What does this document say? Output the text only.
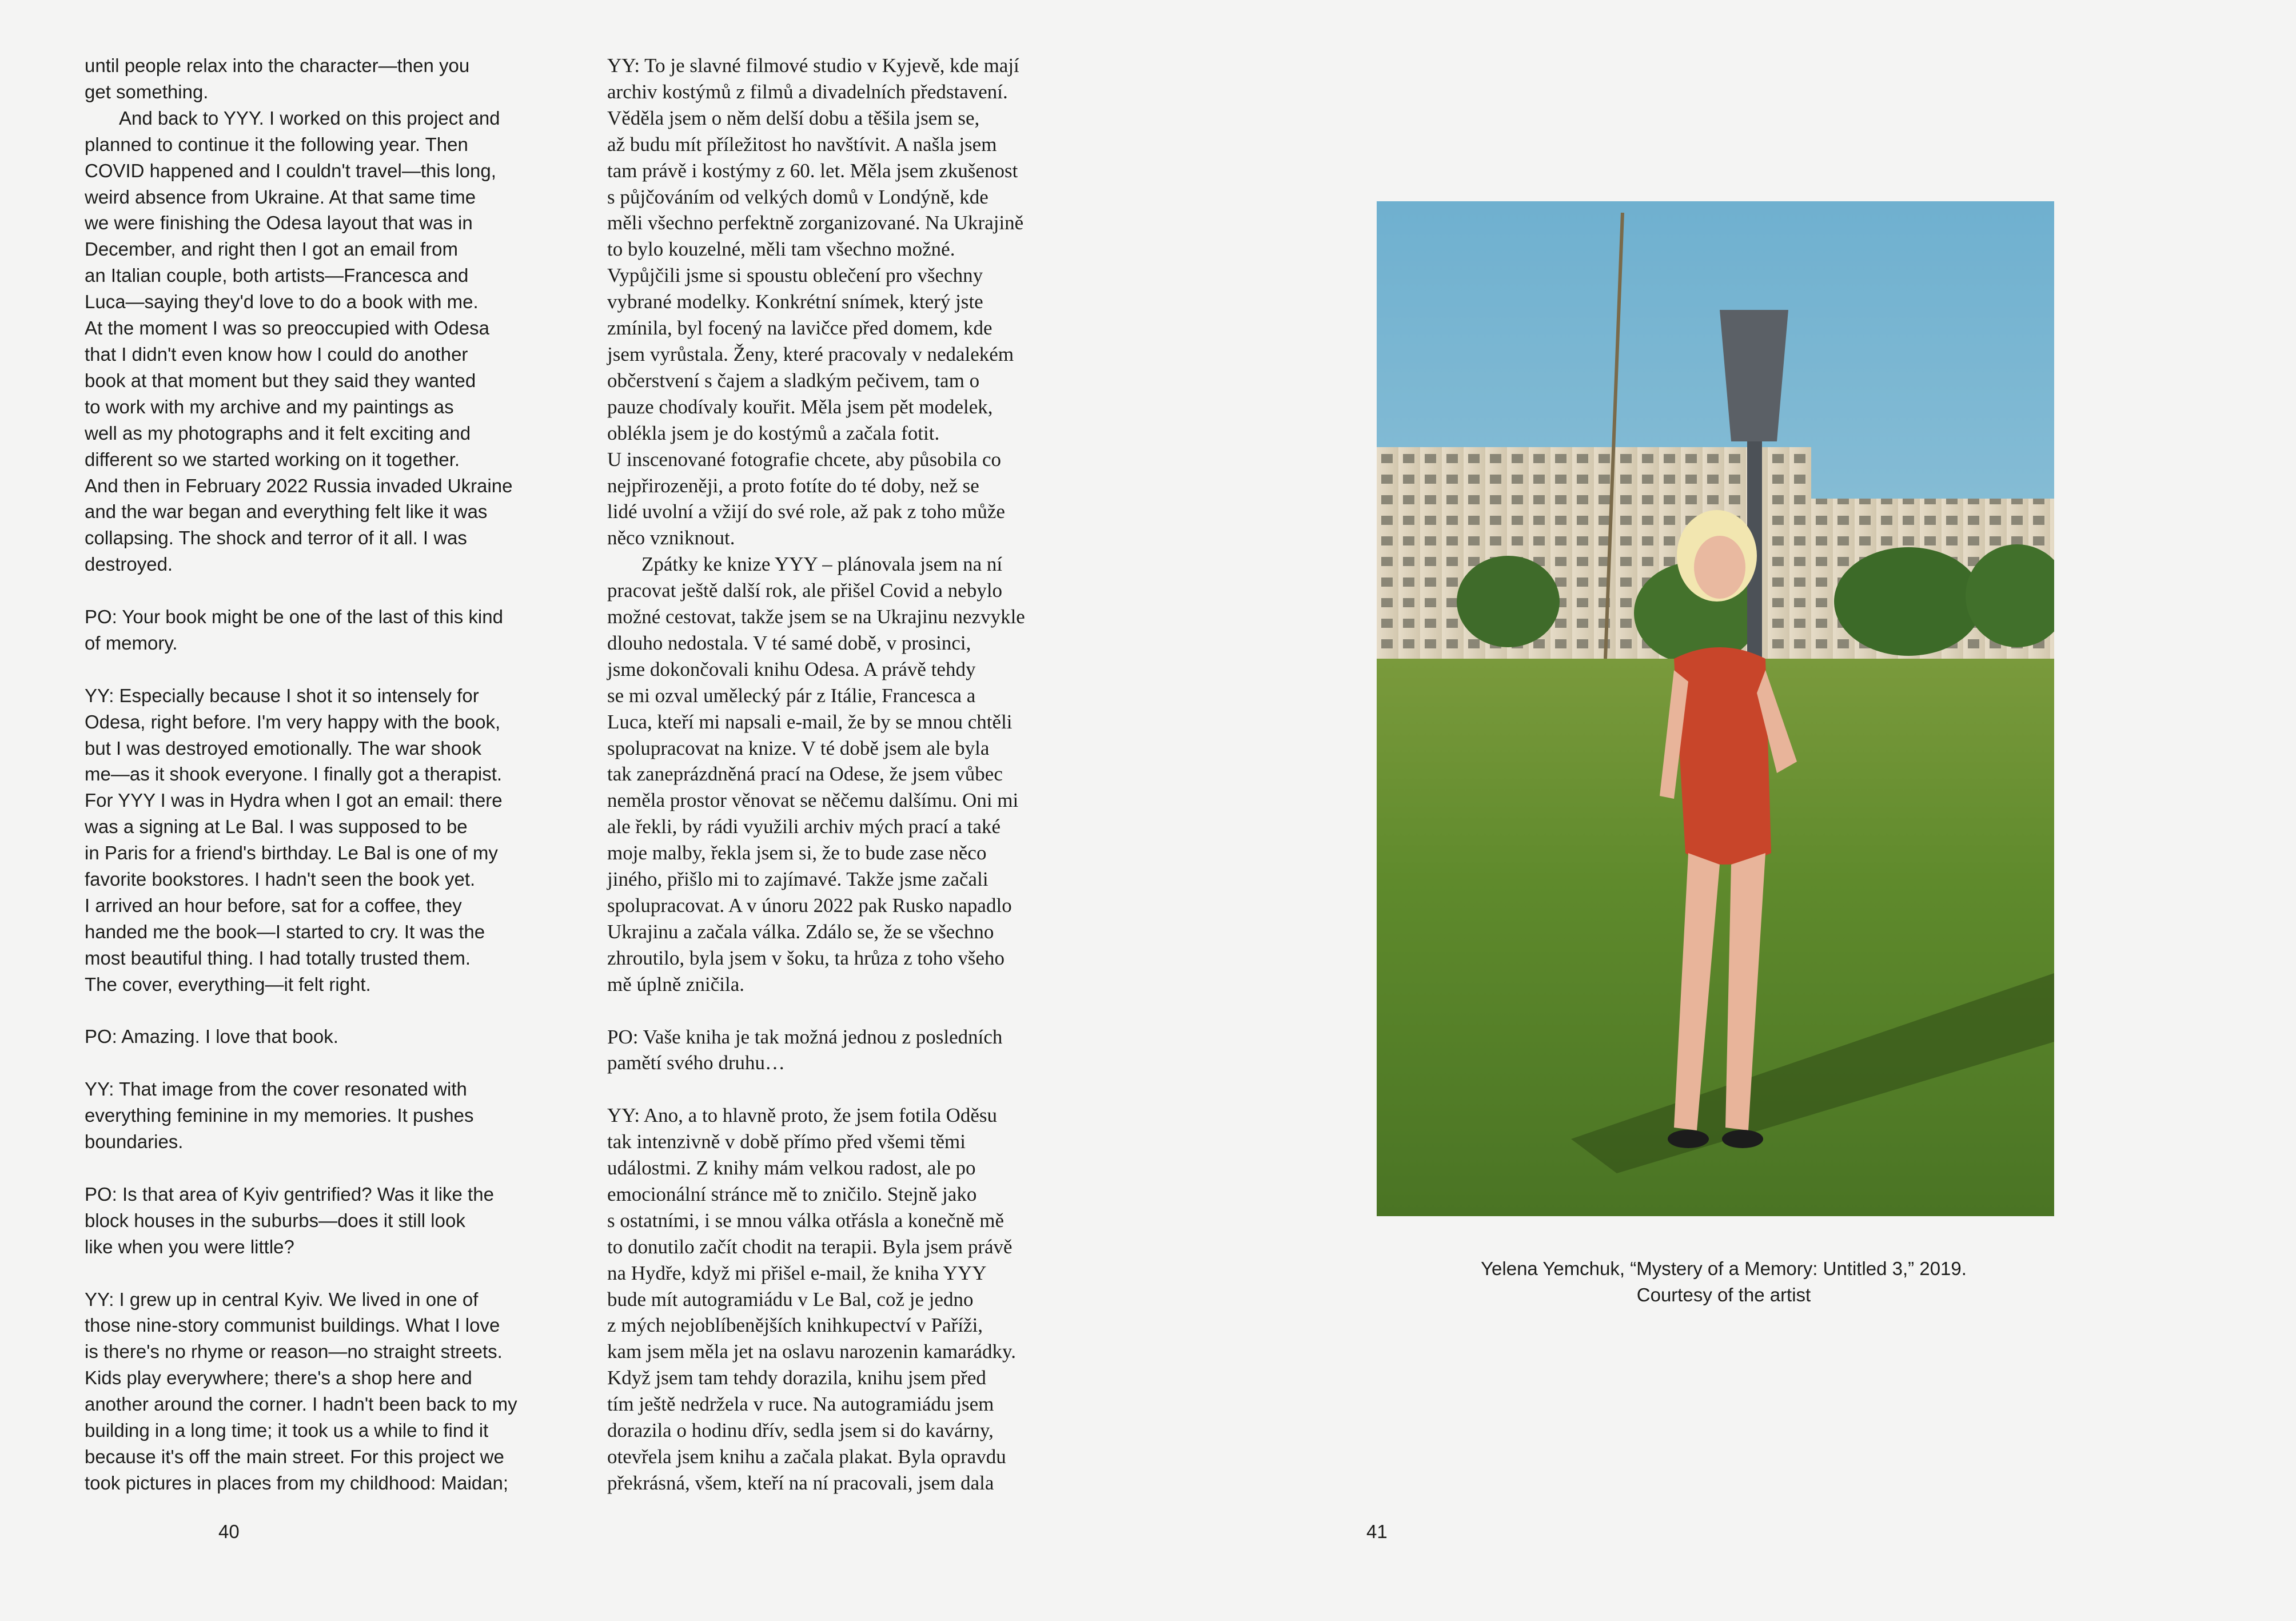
until people relax into the character—then you
get something.

And back to YYY. I worked on this project and
planned to continue it the following year. Then
COVID happened and I couldn't travel—this long,
weird absence from Ukraine. At that same time
we were finishing the Odesa layout that was in
December, and right then I got an email from
an Italian couple, both artists—Francesca and
Luca—saying they'd love to do a book with me.
At the moment I was so preoccupied with Odesa
that I didn't even know how I could do another
book at that moment but they said they wanted
to work with my archive and my paintings as
well as my photographs and it felt exciting and
different so we started working on it together.
And then in February 2022 Russia invaded Ukraine
and the war began and everything felt like it was
collapsing. The shock and terror of it all. I was
destroyed.

PO: Your book might be one of the last of this kind
of memory.

YY: Especially because I shot it so intensely for
Odesa, right before. I'm very happy with the book,
but I was destroyed emotionally. The war shook
me—as it shook everyone. I finally got a therapist.
For YYY I was in Hydra when I got an email: there
was a signing at Le Bal. I was supposed to be
in Paris for a friend's birthday. Le Bal is one of my
favorite bookstores. I hadn't seen the book yet.
I arrived an hour before, sat for a coffee, they
handed me the book—I started to cry. It was the
most beautiful thing. I had totally trusted them.
The cover, everything—it felt right.

PO: Amazing. I love that book.

YY: That image from the cover resonated with
everything feminine in my memories. It pushes
boundaries.

PO: Is that area of Kyiv gentrified? Was it like the
block houses in the suburbs—does it still look
like when you were little?

YY: I grew up in central Kyiv. We lived in one of
those nine-story communist buildings. What I love
is there's no rhyme or reason—no straight streets.
Kids play everywhere; there's a shop here and
another around the corner. I hadn't been back to my
building in a long time; it took us a while to find it
because it's off the main street. For this project we
took pictures in places from my childhood: Maidan;

YY: To je slavné filmové studio v Kyjevě, kde mají
archiv kostýmů z filmů a divadelních představení.
Věděla jsem o něm delší dobu a těšila jsem se,
až budu mít příležitost ho navštívit. A našla jsem
tam právě i kostýmy z 60. let. Měla jsem zkušenost
s půjčováním od velkých domů v Londýně, kde
měli všechno perfektně zorganizované. Na Ukrajině
to bylo kouzelné, měli tam všechno možné.
Vypůjčili jsme si spoustu oblečení pro všechny
vybrané modelky. Konkrétní snímek, který jste
zmínila, byl focený na lavičce před domem, kde
jsem vyrůstala. Ženy, které pracovaly v nedalekém
občerstvení s čajem a sladkým pečivem, tam o
pauze chodívaly kouřit. Měla jsem pět modelek,
oblékla jsem je do kostýmů a začala fotit.
U inscenované fotografie chcete, aby působila co
nejpřirozeněji, a proto fotíte do té doby, než se
lidé uvolní a vžijí do své role, až pak z toho může
něco vzniknout.

Zpátky ke knize YYY – plánovala jsem na ní
pracovat ještě další rok, ale přišel Covid a nebylo
možné cestovat, takže jsem se na Ukrajinu nezvykle
dlouho nedostala. V té samé době, v prosinci,
jsme dokončovali knihu Odesa. A právě tehdy
se mi ozval umělecký pár z Itálie, Francesca a
Luca, kteří mi napsali e-mail, že by se mnou chtěli
spolupracovat na knize. V té době jsem ale byla
tak zaneprázdněná prací na Odese, že jsem vůbec
neměla prostor věnovat se něčemu dalšímu. Oni mi
ale řekli, by rádi využili archiv mých prací a také
moje malby, řekla jsem si, že to bude zase něco
jiného, přišlo mi to zajímavé. Takže jsme začali
spolupracovat. A v únoru 2022 pak Rusko napadlo
Ukrajinu a začala válka. Zdálo se, že se všechno
zhroutilo, byla jsem v šoku, ta hrůza z toho všeho
mě úplně zničila.

PO: Vaše kniha je tak možná jednou z posledních
pamětí svého druhu…

YY: Ano, a to hlavně proto, že jsem fotila Oděsu
tak intenzivně v době přímo před všemi těmi
událostmi. Z knihy mám velkou radost, ale po
emocionální stránce mě to zničilo. Stejně jako
s ostatními, i se mnou válka otřásla a konečně mě
to donutilo začít chodit na terapii. Byla jsem právě
na Hydře, když mi přišel e-mail, že kniha YYY
bude mít autogramiádu v Le Bal, což je jedno
z mých nejoblíbenějších knihkupectví v Paříži,
kam jsem měla jet na oslavu narozenin kamarádky.
Když jsem tam tehdy dorazila, knihu jsem před
tím ještě nedržela v ruce. Na autogramiádu jsem
dorazila o hodinu dřív, sedla jsem si do kavárny,
otevřela jsem knihu a začala plakat. Byla opravdu
překrásná, všem, kteří na ní pracovali, jsem dala

40	41
Yelena Yemchuk, “Mystery of a Memory: Untitled 3,” 2019.
Courtesy of the artist
